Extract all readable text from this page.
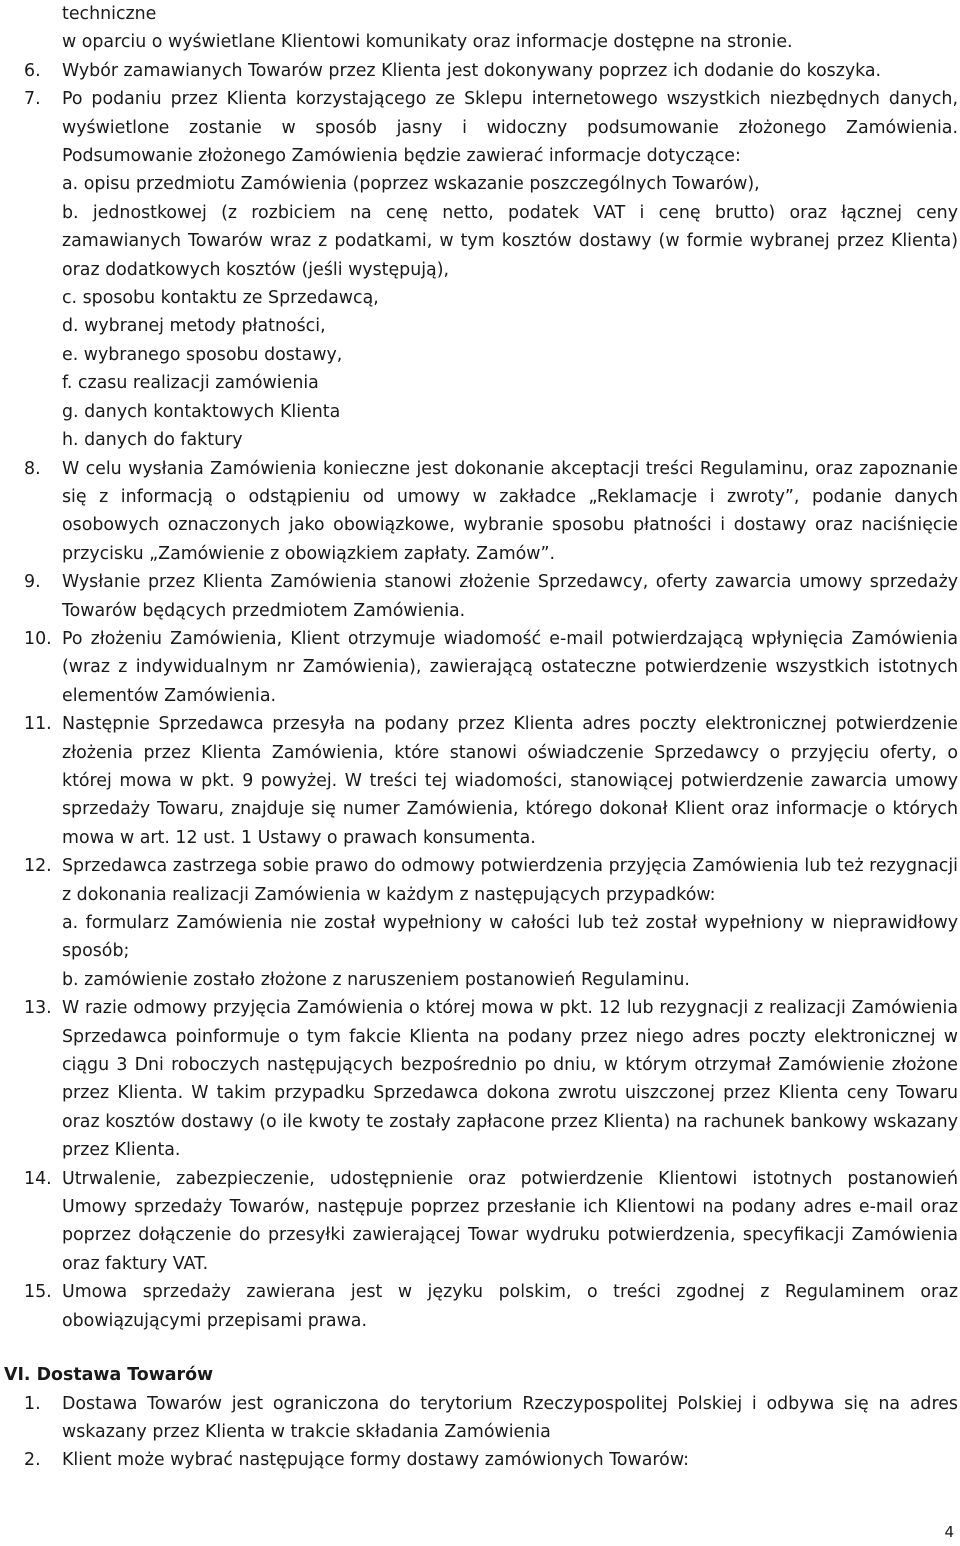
techniczne
w oparciu o wyświetlane Klientowi komunikaty oraz informacje dostępne na stronie.
6. Wybór zamawianych Towarów przez Klienta jest dokonywany poprzez ich dodanie do koszyka.
7. Po podaniu przez Klienta korzystającego ze Sklepu internetowego wszystkich niezbędnych danych, wyświetlone zostanie w sposób jasny i widoczny podsumowanie złożonego Zamówienia. Podsumowanie złożonego Zamówienia będzie zawierać informacje dotyczące:
a. opisu przedmiotu Zamówienia (poprzez wskazanie poszczególnych Towarów),
b. jednostkowej (z rozbiciem na cenę netto, podatek VAT i cenę brutto) oraz łącznej ceny zamawianych Towarów wraz z podatkami, w tym kosztów dostawy (w formie wybranej przez Klienta) oraz dodatkowych kosztów (jeśli występują),
c. sposobu kontaktu ze Sprzedawcą,
d. wybranej metody płatności,
e. wybranego sposobu dostawy,
f. czasu realizacji zamówienia
g. danych kontaktowych Klienta
h. danych do faktury
8. W celu wysłania Zamówienia konieczne jest dokonanie akceptacji treści Regulaminu, oraz zapoznanie się z informacją o odstąpieniu od umowy w zakładce „Reklamacje i zwroty”, podanie danych osobowych oznaczonych jako obowiązkowe, wybranie sposobu płatności i dostawy oraz naciśnięcie przycisku „Zamówienie z obowiązkiem zapłaty. Zamów”.
9. Wysłanie przez Klienta Zamówienia stanowi złożenie Sprzedawcy, oferty zawarcia umowy sprzedaży Towarów będących przedmiotem Zamówienia.
10. Po złożeniu Zamówienia, Klient otrzymuje wiadomość e-mail potwierdzającą wpłynięcia Zamówienia (wraz z indywidualnym nr Zamówienia), zawierającą ostateczne potwierdzenie wszystkich istotnych elementów Zamówienia.
11. Następnie Sprzedawca przesyła na podany przez Klienta adres poczty elektronicznej potwierdzenie złożenia przez Klienta Zamówienia, które stanowi oświadczenie Sprzedawcy o przyjęciu oferty, o której mowa w pkt. 9 powyżej. W treści tej wiadomości, stanowiącej potwierdzenie zawarcia umowy sprzedaży Towaru, znajduje się numer Zamówienia, którego dokonał Klient oraz informacje o których mowa w art. 12 ust. 1 Ustawy o prawach konsumenta.
12. Sprzedawca zastrzega sobie prawo do odmowy potwierdzenia przyjęcia Zamówienia lub też rezygnacji z dokonania realizacji Zamówienia w każdym z następujących przypadków:
a. formularz Zamówienia nie został wypełniony w całości lub też został wypełniony w nieprawidłowy sposób;
b. zamówienie zostało złożone z naruszeniem postanowień Regulaminu.
13. W razie odmowy przyjęcia Zamówienia o której mowa w pkt. 12 lub rezygnacji z realizacji Zamówienia Sprzedawca poinformuje o tym fakcie Klienta na podany przez niego adres poczty elektronicznej w ciągu 3 Dni roboczych następujących bezpośrednio po dniu, w którym otrzymał Zamówienie złożone przez Klienta. W takim przypadku Sprzedawca dokona zwrotu uiszczonej przez Klienta ceny Towaru oraz kosztów dostawy (o ile kwoty te zostały zapłacone przez Klienta) na rachunek bankowy wskazany przez Klienta.
14. Utrwalenie, zabezpieczenie, udostępnienie oraz potwierdzenie Klientowi istotnych postanowień Umowy sprzedaży Towarów, następuje poprzez przesłanie ich Klientowi na podany adres e-mail oraz poprzez dołączenie do przesyłki zawierającej Towar wydruku potwierdzenia, specyfikacji Zamówienia oraz faktury VAT.
15. Umowa sprzedaży zawierana jest w języku polskim, o treści zgodnej z Regulaminem oraz obowiązującymi przepisami prawa.
VI. Dostawa Towarów
1. Dostawa Towarów jest ograniczona do terytorium Rzeczypospolitej Polskiej i odbywa się na adres wskazany przez Klienta w trakcie składania Zamówienia
2. Klient może wybrać następujące formy dostawy zamówionych Towarów:
4
